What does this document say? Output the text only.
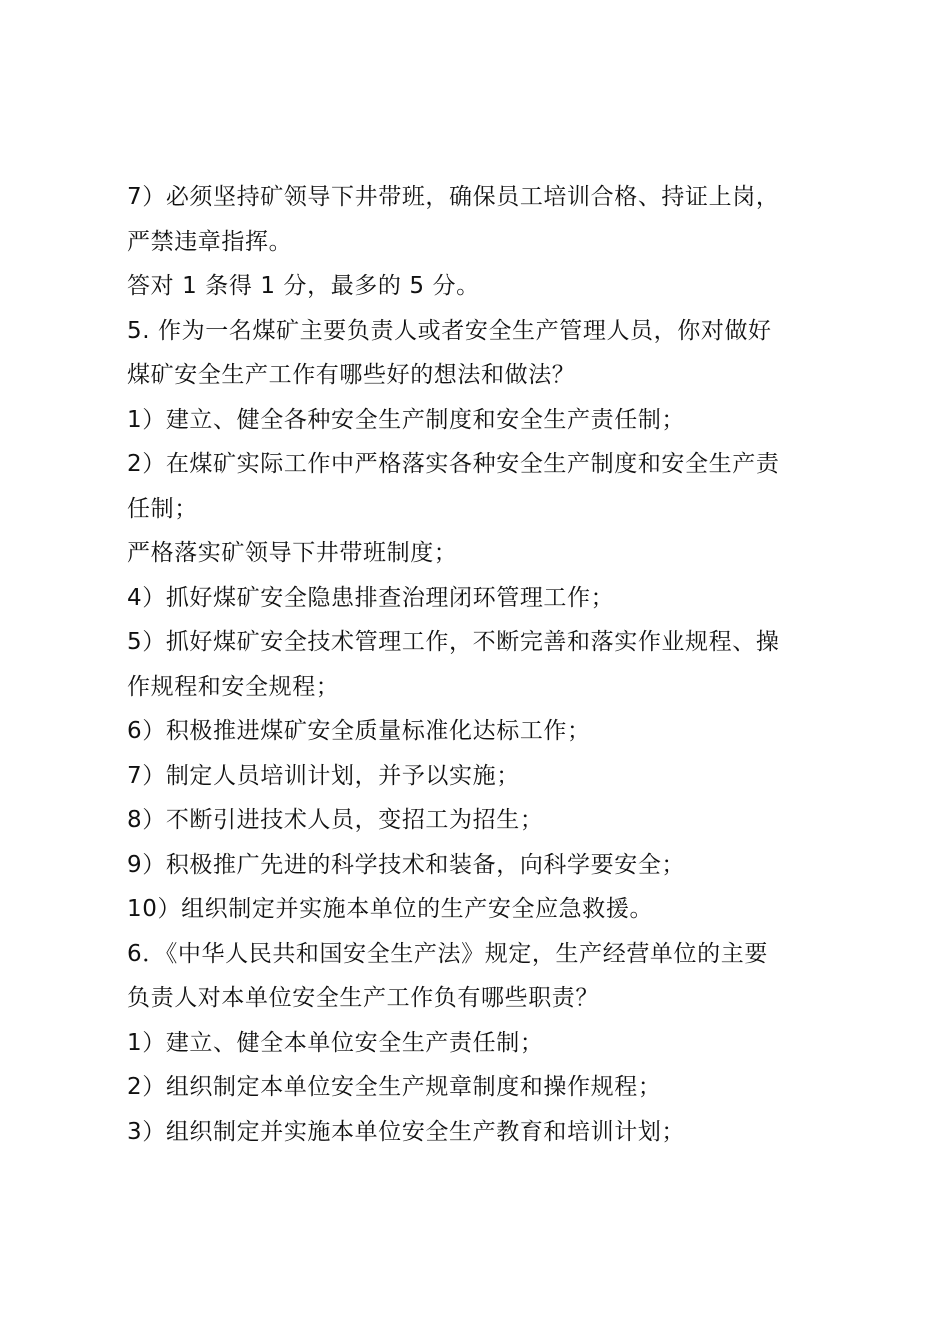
7）必须坚持矿领导下井带班，确保员工培训合格、持证上岗，
严禁违章指挥。
答对 1 条得 1 分，最多的 5 分。
5. 作为一名煤矿主要负责人或者安全生产管理人员，你对做好
煤矿安全生产工作有哪些好的想法和做法？
1）建立、健全各种安全生产制度和安全生产责任制；
2）在煤矿实际工作中严格落实各种安全生产制度和安全生产责
任制；
严格落实矿领导下井带班制度；
4）抓好煤矿安全隐患排查治理闭环管理工作；
5）抓好煤矿安全技术管理工作，不断完善和落实作业规程、操
作规程和安全规程；
6）积极推进煤矿安全质量标准化达标工作；
7）制定人员培训计划，并予以实施；
8）不断引进技术人员，变招工为招生；
9）积极推广先进的科学技术和装备，向科学要安全；
10）组织制定并实施本单位的生产安全应急救援。
6．《中华人民共和国安全生产法》规定，生产经营单位的主要
负责人对本单位安全生产工作负有哪些职责？
1）建立、健全本单位安全生产责任制；
2）组织制定本单位安全生产规章制度和操作规程；
3）组织制定并实施本单位安全生产教育和培训计划；
